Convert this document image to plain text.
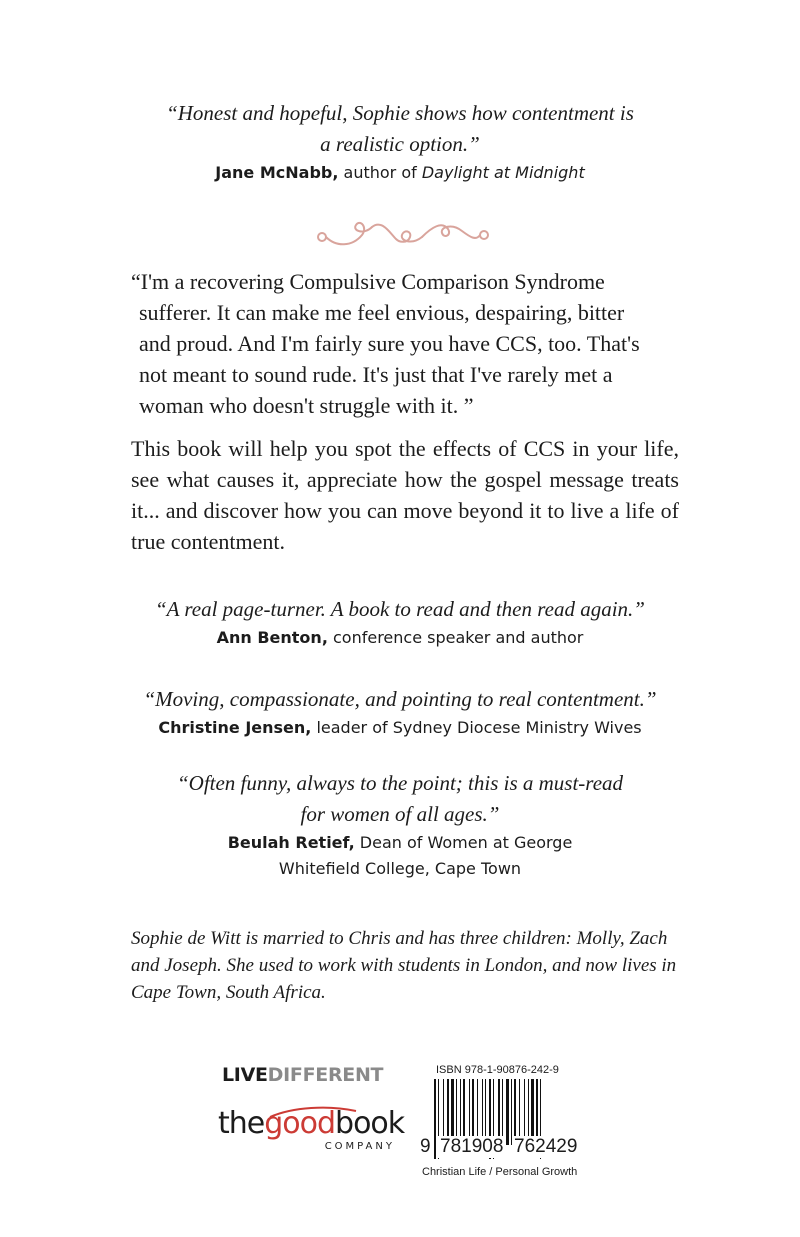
“Honest and hopeful, Sophie shows how contentment is
a realistic option.”
Jane McNabb, author of Daylight at Midnight
“I'm a recovering Compulsive Comparison Syndrome
sufferer. It can make me feel envious, despairing, bitter
and proud. And I'm fairly sure you have CCS, too. That's
not meant to sound rude. It's just that I've rarely met a
woman who doesn't struggle with it. ”
This book will help you spot the effects of CCS in your life, see what causes it, appreciate how the gospel message treats it... and discover how you can move beyond it to live a life of true contentment.
“A real page-turner. A book to read and then read again.”
Ann Benton, conference speaker and author
“Moving, compassionate, and pointing to real contentment.”
Christine Jensen, leader of Sydney Diocese Ministry Wives
“Often funny, always to the point; this is a must-read
for women of all ages.”
Beulah Retief, Dean of Women at George
Whitefield College, Cape Town
Sophie de Witt is married to Chris and has three children: Molly, Zach and Joseph. She used to work with students in London, and now lives in Cape Town, South Africa.
LIVEDIFFERENT
thegoodbook
COMPANY
ISBN 978-1-90876-242-9
9 781908 762429
Christian Life / Personal Growth
